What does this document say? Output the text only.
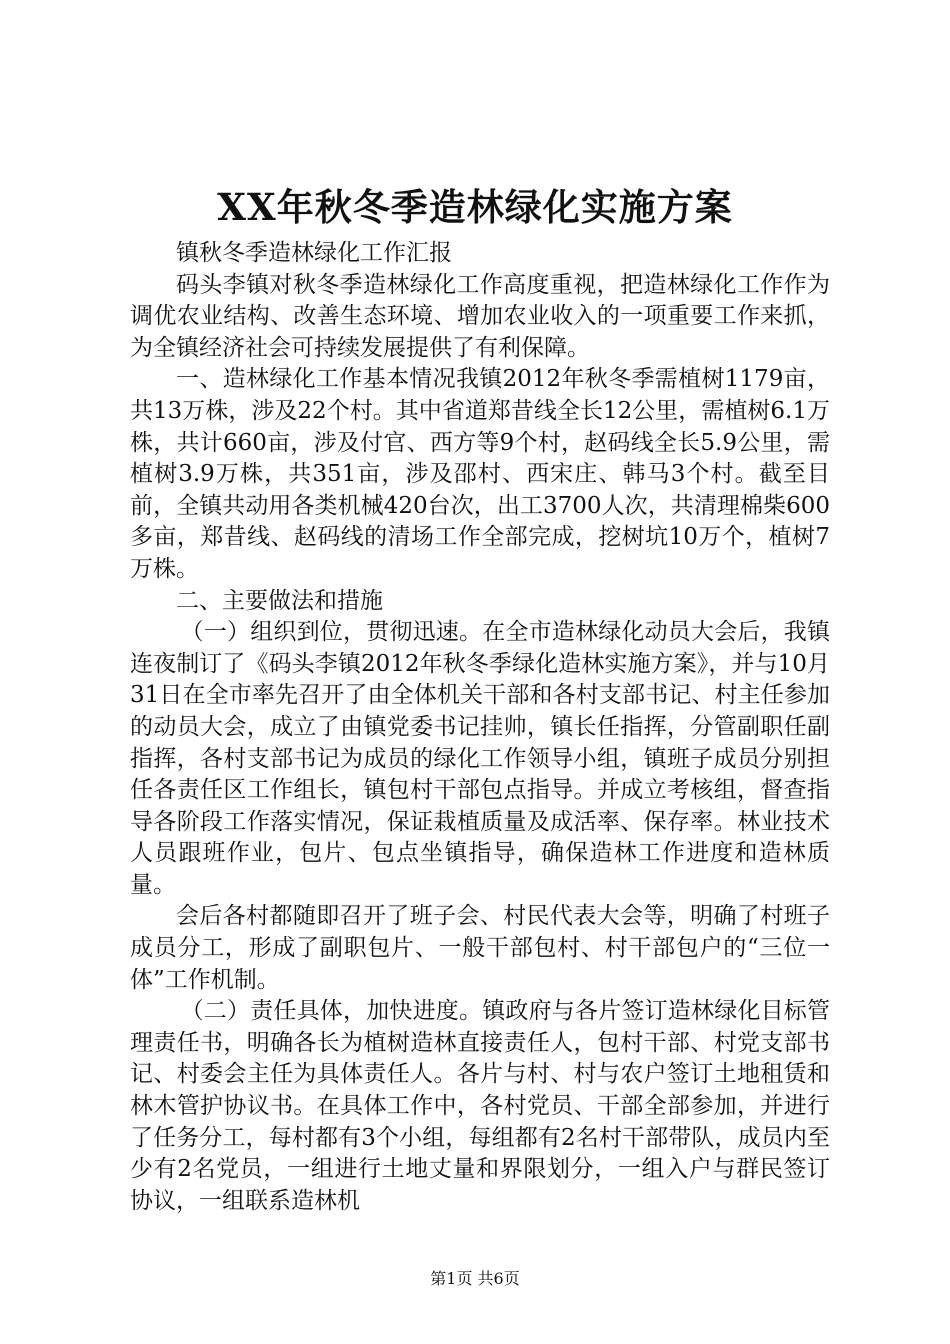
XX年秋冬季造林绿化实施方案

镇秋冬季造林绿化工作汇报

码头李镇对秋冬季造林绿化工作高度重视，把造林绿化工作作为调优农业结构、改善生态环境、增加农业收入的一项重要工作来抓，为全镇经济社会可持续发展提供了有利保障。

一、造林绿化工作基本情况我镇2012年秋冬季需植树1179亩，共13万株，涉及22个村。其中省道郑昔线全长12公里，需植树6.1万株，共计660亩，涉及付官、西方等9个村，赵码线全长5.9公里，需植树3.9万株，共351亩，涉及邵村、西宋庄、韩马3个村。截至目前，全镇共动用各类机械420台次，出工3700人次，共清理棉柴600多亩，郑昔线、赵码线的清场工作全部完成，挖树坑10万个，植树7万株。

二、主要做法和措施

（一）组织到位，贯彻迅速。在全市造林绿化动员大会后，我镇连夜制订了《码头李镇2012年秋冬季绿化造林实施方案》，并与10月31日在全市率先召开了由全体机关干部和各村支部书记、村主任参加的动员大会，成立了由镇党委书记挂帅，镇长任指挥，分管副职任副指挥，各村支部书记为成员的绿化工作领导小组，镇班子成员分别担任各责任区工作组长，镇包村干部包点指导。并成立考核组，督查指导各阶段工作落实情况，保证栽植质量及成活率、保存率。林业技术人员跟班作业，包片、包点坐镇指导，确保造林工作进度和造林质量。

会后各村都随即召开了班子会、村民代表大会等，明确了村班子成员分工，形成了副职包片、一般干部包村、村干部包户的“三位一体”工作机制。

（二）责任具体，加快进度。镇政府与各片签订造林绿化目标管理责任书，明确各长为植树造林直接责任人，包村干部、村党支部书记、村委会主任为具体责任人。各片与村、村与农户签订土地租赁和林木管护协议书。在具体工作中，各村党员、干部全部参加，并进行了任务分工，每村都有3个小组，每组都有2名村干部带队，成员内至少有2名党员，一组进行土地丈量和界限划分，一组入户与群民签订协议，一组联系造林机

第1页 共6页
